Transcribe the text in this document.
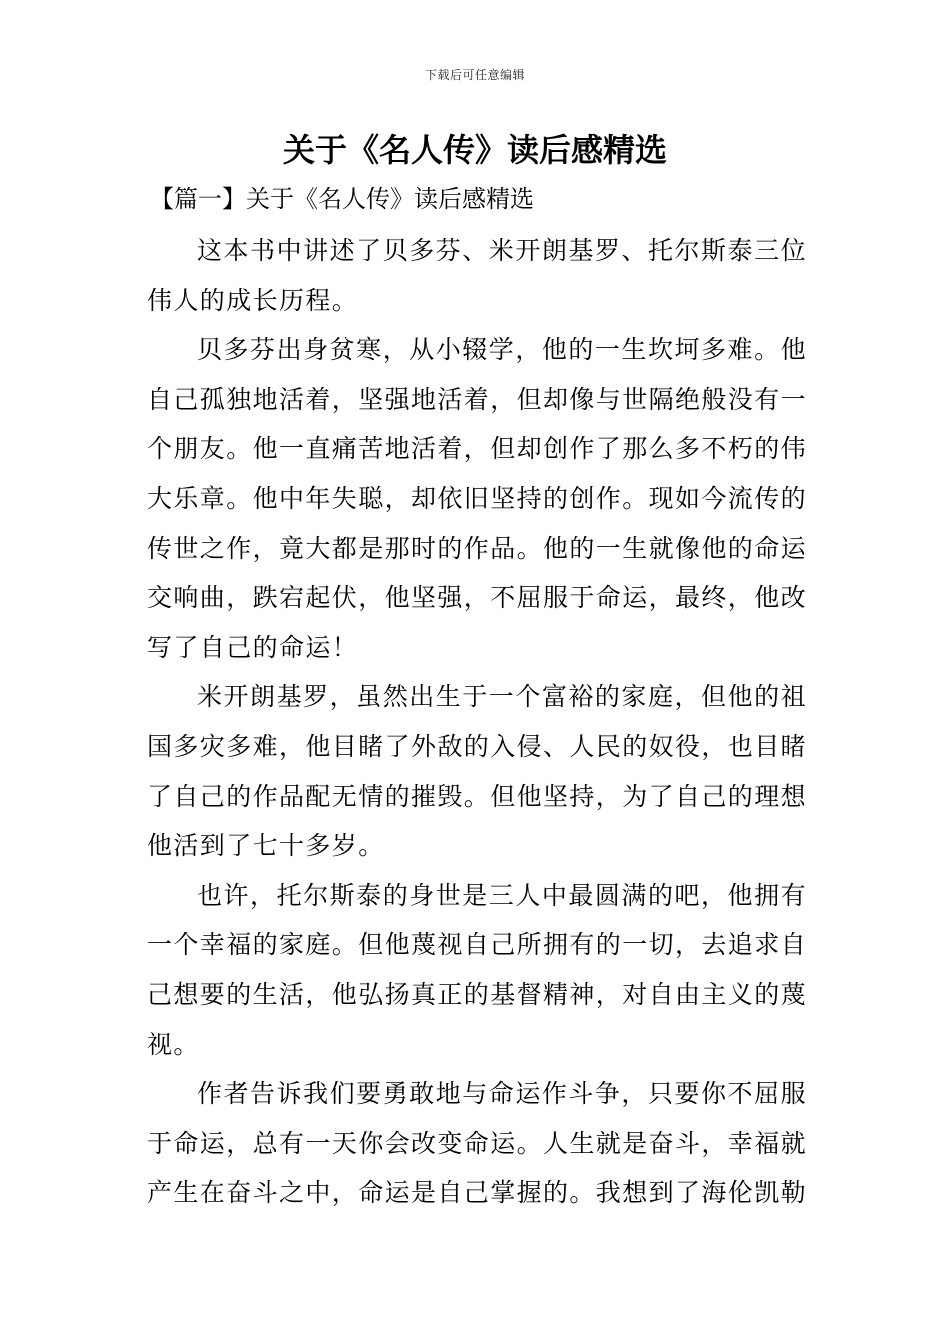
下载后可任意编辑
关于《名人传》读后感精选
【篇一】关于《名人传》读后感精选

这本书中讲述了贝多芬、米开朗基罗、托尔斯泰三位伟人的成长历程。

贝多芬出身贫寒，从小辍学，他的一生坎坷多难。他自己孤独地活着，坚强地活着，但却像与世隔绝般没有一个朋友。他一直痛苦地活着，但却创作了那么多不朽的伟大乐章。他中年失聪，却依旧坚持的创作。现如今流传的传世之作，竟大都是那时的作品。他的一生就像他的命运交响曲，跌宕起伏，他坚强，不屈服于命运，最终，他改写了自己的命运！

米开朗基罗，虽然出生于一个富裕的家庭，但他的祖国多灾多难，他目睹了外敌的入侵、人民的奴役，也目睹了自己的作品配无情的摧毁。但他坚持，为了自己的理想他活到了七十多岁。

也许，托尔斯泰的身世是三人中最圆满的吧，他拥有一个幸福的家庭。但他蔑视自己所拥有的一切，去追求自己想要的生活，他弘扬真正的基督精神，对自由主义的蔑视。

作者告诉我们要勇敢地与命运作斗争，只要你不屈服于命运，总有一天你会改变命运。人生就是奋斗，幸福就产生在奋斗之中，命运是自己掌握的。我想到了海伦凯勒
